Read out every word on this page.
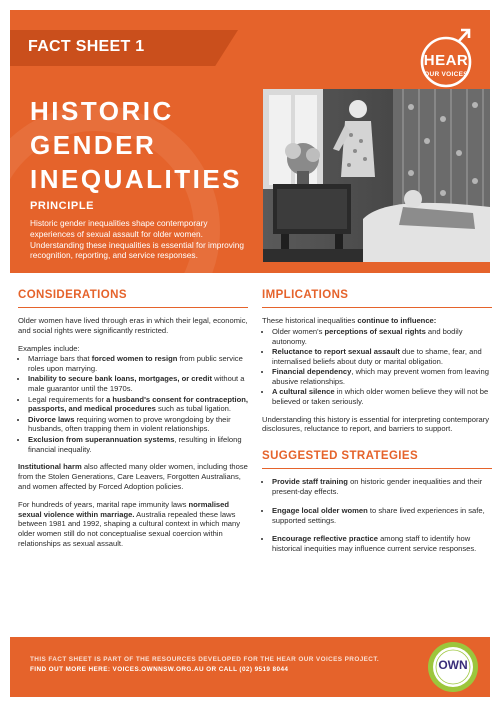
FACT SHEET 1
HEAR
OUR VOICES
HISTORIC
GENDER
INEQUALITIES
PRINCIPLE
Historic gender inequalities shape contemporary experiences of sexual assault for older women. Understanding these inequalities is essential for improving recognition, reporting, and service responses.
CONSIDERATIONS

Older women have lived through eras in which their legal, economic, and social rights were significantly restricted.

Examples include:

• Marriage bars that forced women to resign from public service roles upon marrying.
• Inability to secure bank loans, mortgages, or credit without a male guarantor until the 1970s.
• Legal requirements for a husband's consent for contraception, passports, and medical procedures such as tubal ligation.
• Divorce laws requiring women to prove wrongdoing by their husbands, often trapping them in violent relationships.
• Exclusion from superannuation systems, resulting in lifelong financial inequality.

Institutional harm also affected many older women, including those from the Stolen Generations, Care Leavers, Forgotten Australians, and women affected by Forced Adoption policies.

For hundreds of years, marital rape immunity laws normalised sexual violence within marriage. Australia repealed these laws between 1981 and 1992, shaping a cultural context in which many older women still do not conceptualise sexual coercion within relationships as sexual assault.

IMPLICATIONS

These historical inequalities continue to influence:

• Older women's perceptions of sexual rights and bodily autonomy.
• Reluctance to report sexual assault due to shame, fear, and internalised beliefs about duty or marital obligation.
• Financial dependency, which may prevent women from leaving abusive relationships.
• A cultural silence in which older women believe they will not be believed or taken seriously.

Understanding this history is essential for interpreting contemporary disclosures, reluctance to report, and barriers to support.

SUGGESTED STRATEGIES
• Provide staff training on historic gender inequalities and their present-day effects.
• Engage local older women to share lived experiences in safe, supported settings.
• Encourage reflective practice among staff to identify how historical inequities may influence current service responses.
THIS FACT SHEET IS PART OF THE RESOURCES DEVELOPED FOR THE HEAR OUR VOICES PROJECT.
FIND OUT MORE HERE: VOICES.OWNNSW.ORG.AU OR CALL (02) 9519 8044	OWN
